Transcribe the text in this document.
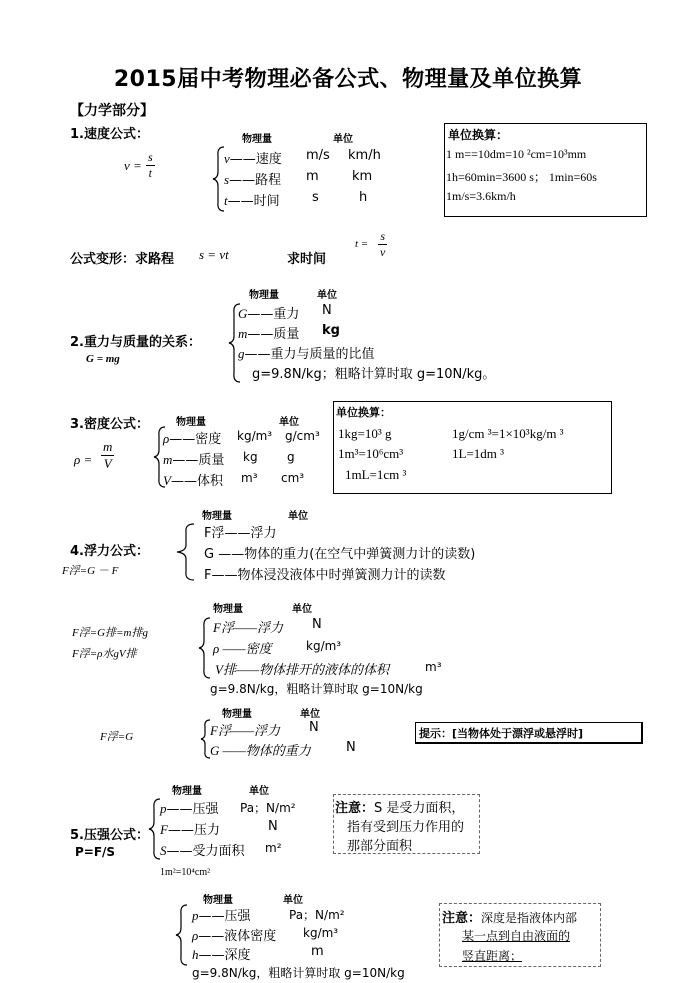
2015届中考物理必备公式、物理量及单位换算
【力学部分】
1.速度公式：
$v = \frac{s}{t}$
物理量	单位
v——速度 m/s km/h
s——路程 m	km
t——时间 s	h
单位换算：
1 m==10dm=10 ²cm=10³mm
1h=60min=3600 s； 1min=60s
1m/s=3.6km/h
公式变形：求路程 s = vt	求时间
$t = \frac{s}{v}$
物理量	单位
2.重力与质量的关系：
G = mg
G——重力 N
m——质量 kg
g——重力与质量的比值
g=9.8N/kg；粗略计算时取 g=10N/kg。
物理量	单位
3.密度公式：
$\rho = \frac{m}{V}$
ρ——密度 kg/m³ g/cm³
m——质量 kg g
V——体积 m³ cm³
单位换算：
1kg=10³ g	1g/cm ³=1×10³kg/m ³
1m³=10⁶cm³	1L=1dm ³
1mL=1cm ³
物理量	单位
4.浮力公式：
F浮=G － F
F浮——浮力
G ——物体的重力(在空气中弹簧测力计的读数)
F——物体浸没液体中时弹簧测力计的读数
物理量	单位
F浮=G排=m排g
F浮=ρ水gV排
F浮——浮力 N
ρ ——密度	kg/m³
V排——物体排开的液体的体积	m³
g=9.8N/kg，粗略计算时取 g=10N/kg
物理量	单位
F浮=G	F浮——浮力 N
G ——物体的重力	N
提示：[当物体处于漂浮或悬浮时]
物理量	单位
5.压强公式：
P=F/S
p——压强 Pa；N/m²
F——压力	N
S——受力面积 m²
注意：S 是受力面积，
指有受到压力作用的
那部分面积
1m²=10⁴cm²
物理量	单位
p——压强	Pa；N/m²
ρ——液体密度 kg/m³
h——深度	m
g=9.8N/kg，粗略计算时取 g=10N/kg
注意：深度是指液体内部
某一点到自由液面的
竖直距离；
